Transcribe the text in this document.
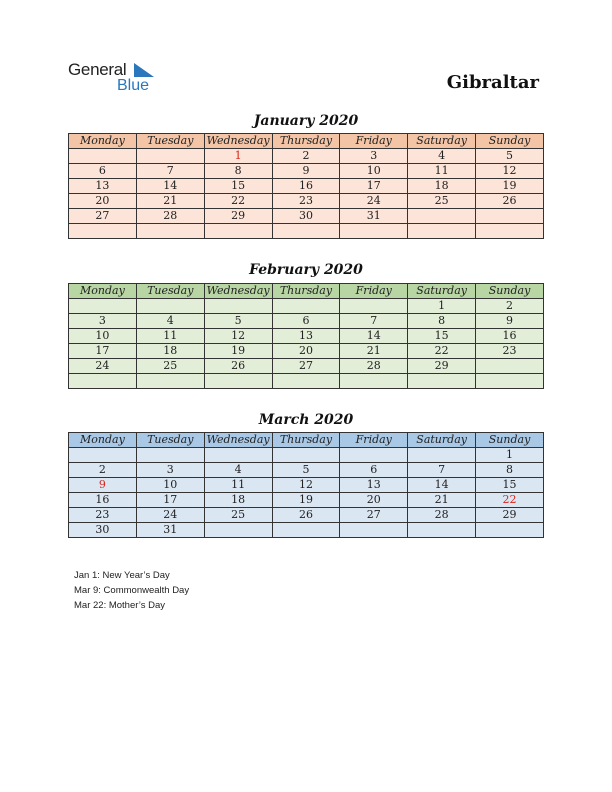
General
Blue	Gibraltar
January 2020
Monday	Tuesday	Wednesday	Thursday	Friday	Saturday	Sunday
		1	2	3	4	5
6	7	8	9	10	11	12
13	14	15	16	17	18	19
20	21	22	23	24	25	26
27	28	29	30	31		

February 2020
Monday	Tuesday	Wednesday	Thursday	Friday	Saturday	Sunday
					1	2
3	4	5	6	7	8	9
10	11	12	13	14	15	16
17	18	19	20	21	22	23
24	25	26	27	28	29	

March 2020
Monday	Tuesday	Wednesday	Thursday	Friday	Saturday	Sunday
						1
2	3	4	5	6	7	8
9	10	11	12	13	14	15
16	17	18	19	20	21	22
23	24	25	26	27	28	29
30	31					
Jan 1: New Year’s Day
Mar 9: Commonwealth Day
Mar 22: Mother’s Day
